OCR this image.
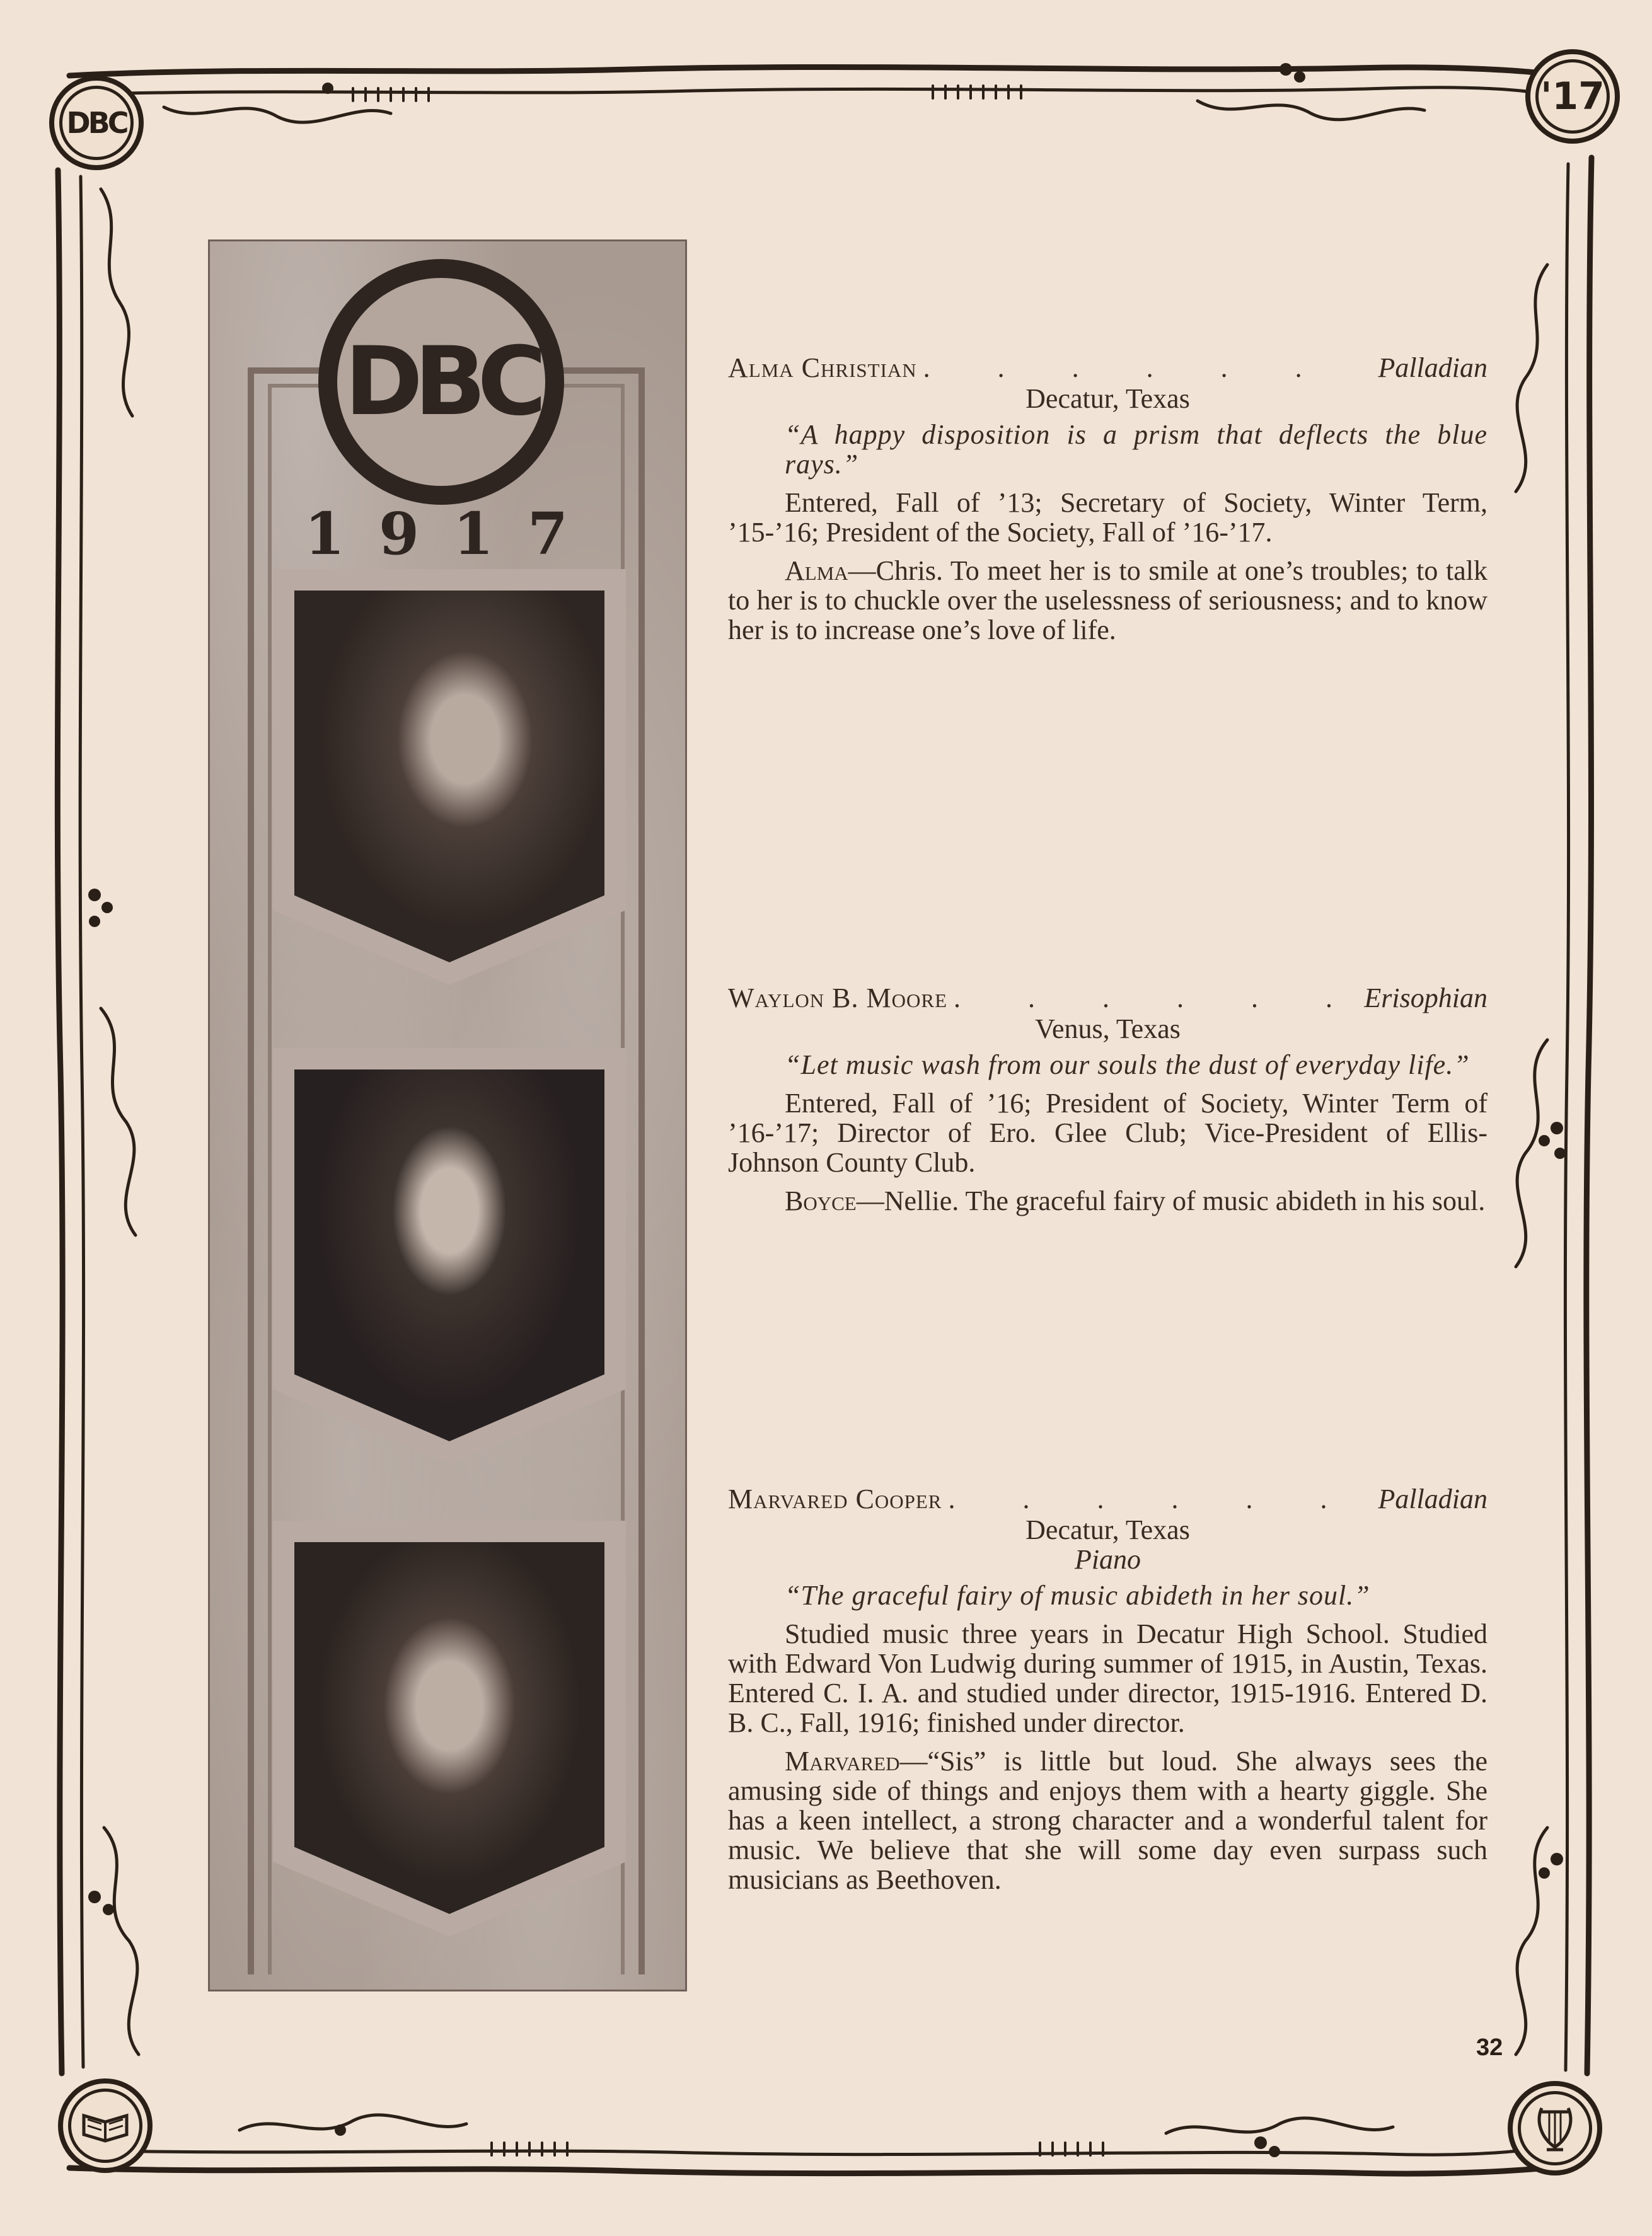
DBC
'17
DBC
1917
Alma Christian . . . . . .	Palladian
Decatur, Texas
“A happy disposition is a prism that deflects the blue rays.”
Entered, Fall of ’13; Secretary of Society, Winter Term, ’15-’16; President of the Society, Fall of ’16-’17.
Alma—Chris. To meet her is to smile at one’s troubles; to talk to her is to chuckle over the uselessness of seriousness; and to know her is to increase one’s love of life.
Waylon B. Moore . . . . . . Erisophian
Venus, Texas
“Let music wash from our souls the dust of everyday life.”
Entered, Fall of ’16; President of Society, Winter Term of ’16-’17; Director of Ero. Glee Club; Vice-President of Ellis-Johnson County Club.
Boyce—Nellie. The graceful fairy of music abideth in his soul.
Marvared Cooper . . . . . . Palladian
Decatur, Texas
Piano
“The graceful fairy of music abideth in her soul.”
Studied music three years in Decatur High School. Studied with Edward Von Ludwig during summer of 1915, in Austin, Texas. Entered C. I. A. and studied under director, 1915-1916. Entered D. B. C., Fall, 1916; finished under director.
Marvared—“Sis” is little but loud. She always sees the amusing side of things and enjoys them with a hearty giggle. She has a keen intellect, a strong character and a wonderful talent for music. We believe that she will some day even surpass such musicians as Beethoven.
32
